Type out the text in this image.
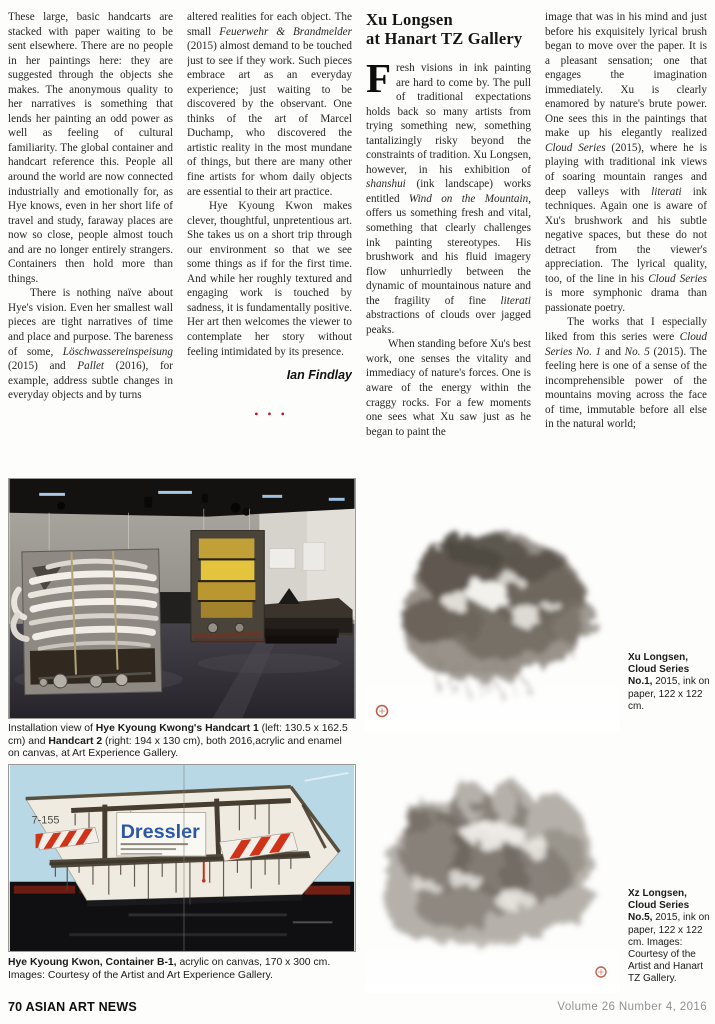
These large, basic handcarts are stacked with paper waiting to be sent elsewhere. There are no people in her paintings here: they are suggested through the objects she makes. The anonymous quality to her narratives is something that lends her painting an odd power as well as feeling of cultural familiarity. The global container and handcart reference this. People all around the world are now connected industrially and emotionally for, as Hye knows, even in her short life of travel and study, faraway places are now so close, people almost touch and are no longer entirely strangers. Containers then hold more than things.

There is nothing naïve about Hye's vision. Even her smallest wall pieces are tight narratives of time and place and purpose. The bareness of some, Löschwassereinspeisung (2015) and Pallet (2016), for example, address subtle changes in everyday objects and by turns

altered realities for each object. The small Feuerwehr & Brandmelder (2015) almost demand to be touched just to see if they work. Such pieces embrace art as an everyday experience; just waiting to be discovered by the observant. One thinks of the art of Marcel Duchamp, who discovered the artistic reality in the most mundane of things, but there are many other fine artists for whom daily objects are essential to their art practice.

Hye Kyoung Kwon makes clever, thoughtful, unpretentious art. She takes us on a short trip through our environment so that we see some things as if for the first time. And while her roughly textured and engaging work is touched by sadness, it is fundamentally positive. Her art then welcomes the viewer to contemplate her story without feeling intimidated by its presence.

Ian Findlay
•••
Xu Longsen
at Hanart TZ Gallery

Fresh visions in ink painting are hard to come by. The pull of traditional expectations holds back so many artists from trying something new, something tantalizingly risky beyond the constraints of tradition. Xu Longsen, however, in his exhibition of shanshui (ink landscape) works entitled Wind on the Mountain, offers us something fresh and vital, something that clearly challenges ink painting stereotypes. His brushwork and his fluid imagery flow unhurriedly between the dynamic of mountainous nature and the fragility of fine literati abstractions of clouds over jagged peaks.

When standing before Xu's best work, one senses the vitality and immediacy of nature's forces. One is aware of the energy within the craggy rocks. For a few moments one sees what Xu saw just as he began to paint the

image that was in his mind and just before his exquisitely lyrical brush began to move over the paper. It is a pleasant sensation; one that engages the imagination immediately. Xu is clearly enamored by nature's brute power. One sees this in the paintings that make up his elegantly realized Cloud Series (2015), where he is playing with traditional ink views of soaring mountain ranges and deep valleys with literati ink techniques. Again one is aware of Xu's brushwork and his subtle negative spaces, but these do not detract from the viewer's appreciation. The lyrical quality, too, of the line in his Cloud Series is more symphonic drama than passionate poetry.

The works that I especially liked from this series were Cloud Series No. 1 and No. 5 (2015). The feeling here is one of a sense of the incomprehensible power of the mountains moving across the face of time, immutable before all else in the natural world;

Dressler
7-155
Installation view of Hye Kyoung Kwong's Handcart 1 (left: 130.5 x 162.5 cm) and Handcart 2 (right: 194 x 130 cm), both 2016,acrylic and enamel on canvas, at Art Experience Gallery.
Hye Kyoung Kwon, Container B-1, acrylic on canvas, 170 x 300 cm. Images: Courtesy of the Artist and Art Experience Gallery.
Xu Longsen, Cloud Series No.1, 2015, ink on paper, 122 x 122 cm.
Xz Longsen, Cloud Series No.5, 2015, ink on paper, 122 x 122 cm. Images: Courtesy of the Artist and Hanart TZ Gallery.
70 ASIAN ART NEWS	Volume 26 Number 4, 2016
